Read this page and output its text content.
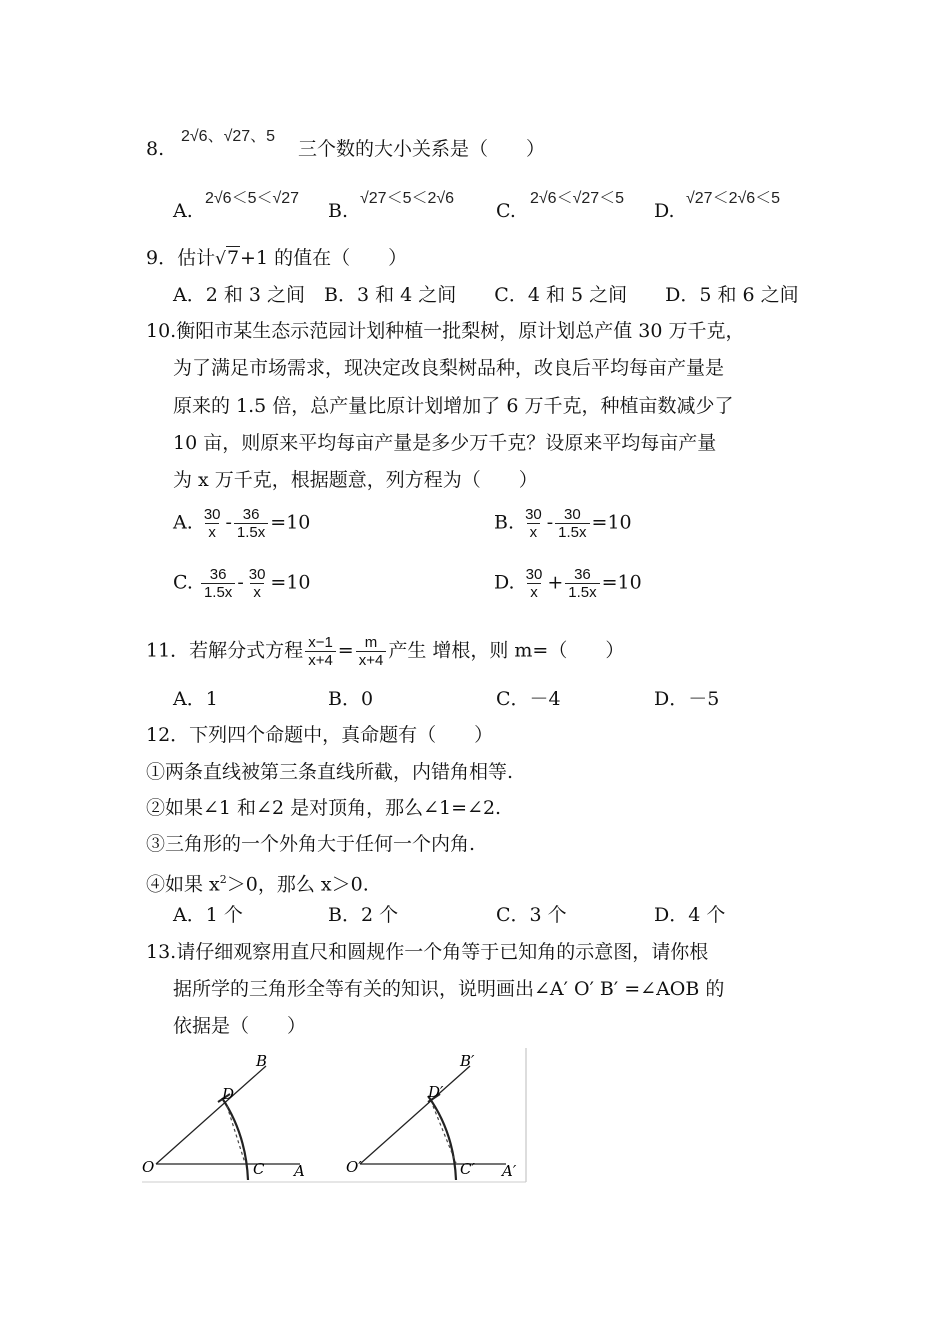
8.
2√6、√27、5
三个数的大小关系是（　　）
A.
2√6＜5＜√27
B.
√27＜5＜2√6
C.
2√6＜√27＜5
D.
√27＜2√6＜5
9．估计√7+1 的值在（　　）
A．2 和 3 之间　B．3 和 4 之间　　C．4 和 5 之间　　D．5 和 6 之间
10.衡阳市某生态示范园计划种植一批梨树，原计划总产值 30 万千克，
为了满足市场需求，现决定改良梨树品种，改良后平均每亩产量是
原来的 1.5 倍，总产量比原计划增加了 6 万千克，种植亩数减少了
10 亩，则原来平均每亩产量是多少万千克？设原来平均每亩产量
为 x 万千克，根据题意，列方程为（　　）
A. $\frac{30}{x} - \frac{36}{1.5x} =10$	B. $\frac{30}{x} - \frac{30}{1.5x} =10$
C. $\frac{36}{1.5x} - \frac{30}{x} =10$	D. $\frac{30}{x} + \frac{36}{1.5x} =10$
11．若解分式方程 $\frac{x-1}{x+4} = \frac{m}{x+4}$ 产生 增根，则 m=（　　）
A．1	B．0	C．－4	D．－5
12．下列四个命题中，真命题有（　　）
①两条直线被第三条直线所截，内错角相等.
②如果∠1 和∠2 是对顶角，那么∠1=∠2.
③三角形的一个外角大于任何一个内角.
④如果 $x^2>0$，那么 x＞0.
A．1 个	B．2 个	C．3 个	D．4 个
13.请仔细观察用直尺和圆规作一个角等于已知角的示意图，请你根
据所学的三角形全等有关的知识，说明画出∠A′ O′ B′ =∠AOB 的
依据是（　　）
B
D
O	C A
B′
D′
O′	C′ A′
